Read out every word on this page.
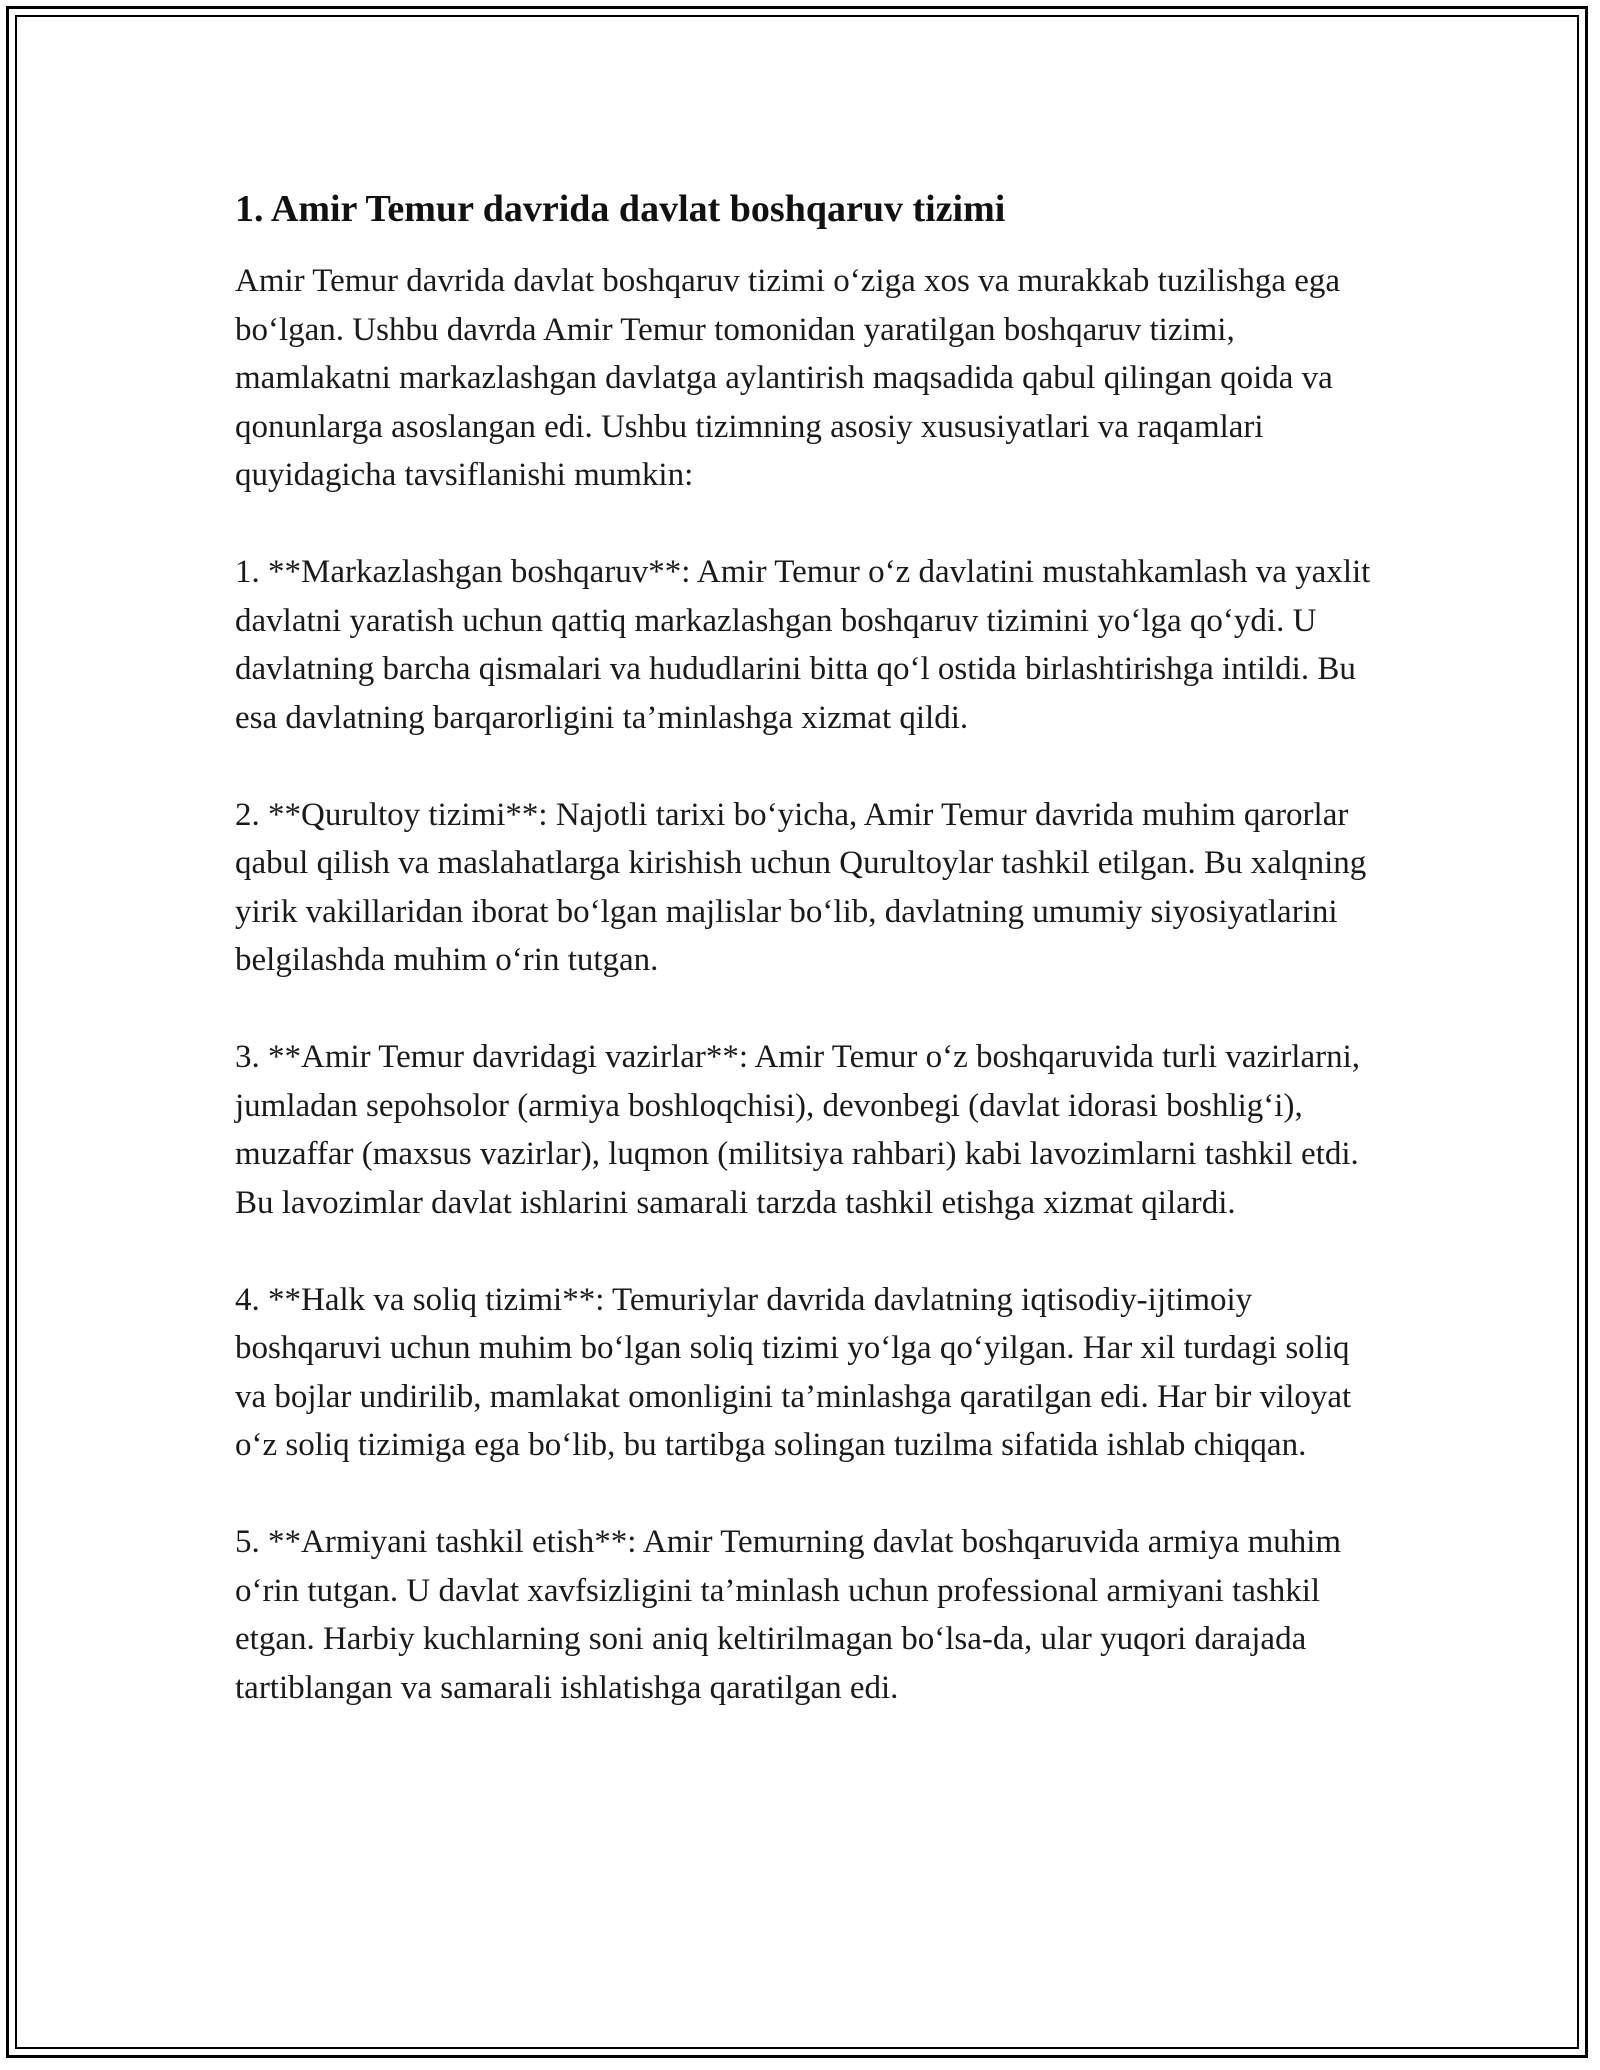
1. Amir Temur davrida davlat boshqaruv tizimi

Amir Temur davrida davlat boshqaruv tizimi o‘ziga xos va murakkab tuzilishga ega bo‘lgan. Ushbu davrda Amir Temur tomonidan yaratilgan boshqaruv tizimi, mamlakatni markazlashgan davlatga aylantirish maqsadida qabul qilingan qoida va qonunlarga asoslangan edi. Ushbu tizimning asosiy xususiyatlari va raqamlari quyidagicha tavsiflanishi mumkin:

1. **Markazlashgan boshqaruv**: Amir Temur o‘z davlatini mustahkamlash va yaxlit davlatni yaratish uchun qattiq markazlashgan boshqaruv tizimini yo‘lga qo‘ydi. U davlatning barcha qismalari va hududlarini bitta qo‘l ostida birlashtirishga intildi. Bu esa davlatning barqarorligini ta’minlashga xizmat qildi.

2. **Qurultoy tizimi**: Najotli tarixi bo‘yicha, Amir Temur davrida muhim qarorlar qabul qilish va maslahatlarga kirishish uchun Qurultoylar tashkil etilgan. Bu xalqning yirik vakillaridan iborat bo‘lgan majlislar bo‘lib, davlatning umumiy siyosiyatlarini belgilashda muhim o‘rin tutgan.

3. **Amir Temur davridagi vazirlar**: Amir Temur o‘z boshqaruvida turli vazirlarni, jumladan sepohsolor (armiya boshloqchisi), devonbegi (davlat idorasi boshlig‘i), muzaffar (maxsus vazirlar), luqmon (militsiya rahbari) kabi lavozimlarni tashkil etdi. Bu lavozimlar davlat ishlarini samarali tarzda tashkil etishga xizmat qilardi.

4. **Halk va soliq tizimi**: Temuriylar davrida davlatning iqtisodiy-ijtimoiy boshqaruvi uchun muhim bo‘lgan soliq tizimi yo‘lga qo‘yilgan. Har xil turdagi soliq va bojlar undirilib, mamlakat omonligini ta’minlashga qaratilgan edi. Har bir viloyat o‘z soliq tizimiga ega bo‘lib, bu tartibga solingan tuzilma sifatida ishlab chiqqan.

5. **Armiyani tashkil etish**: Amir Temurning davlat boshqaruvida armiya muhim o‘rin tutgan. U davlat xavfsizligini ta’minlash uchun professional armiyani tashkil etgan. Harbiy kuchlarning soni aniq keltirilmagan bo‘lsa-da, ular yuqori darajada tartiblangan va samarali ishlatishga qaratilgan edi.
